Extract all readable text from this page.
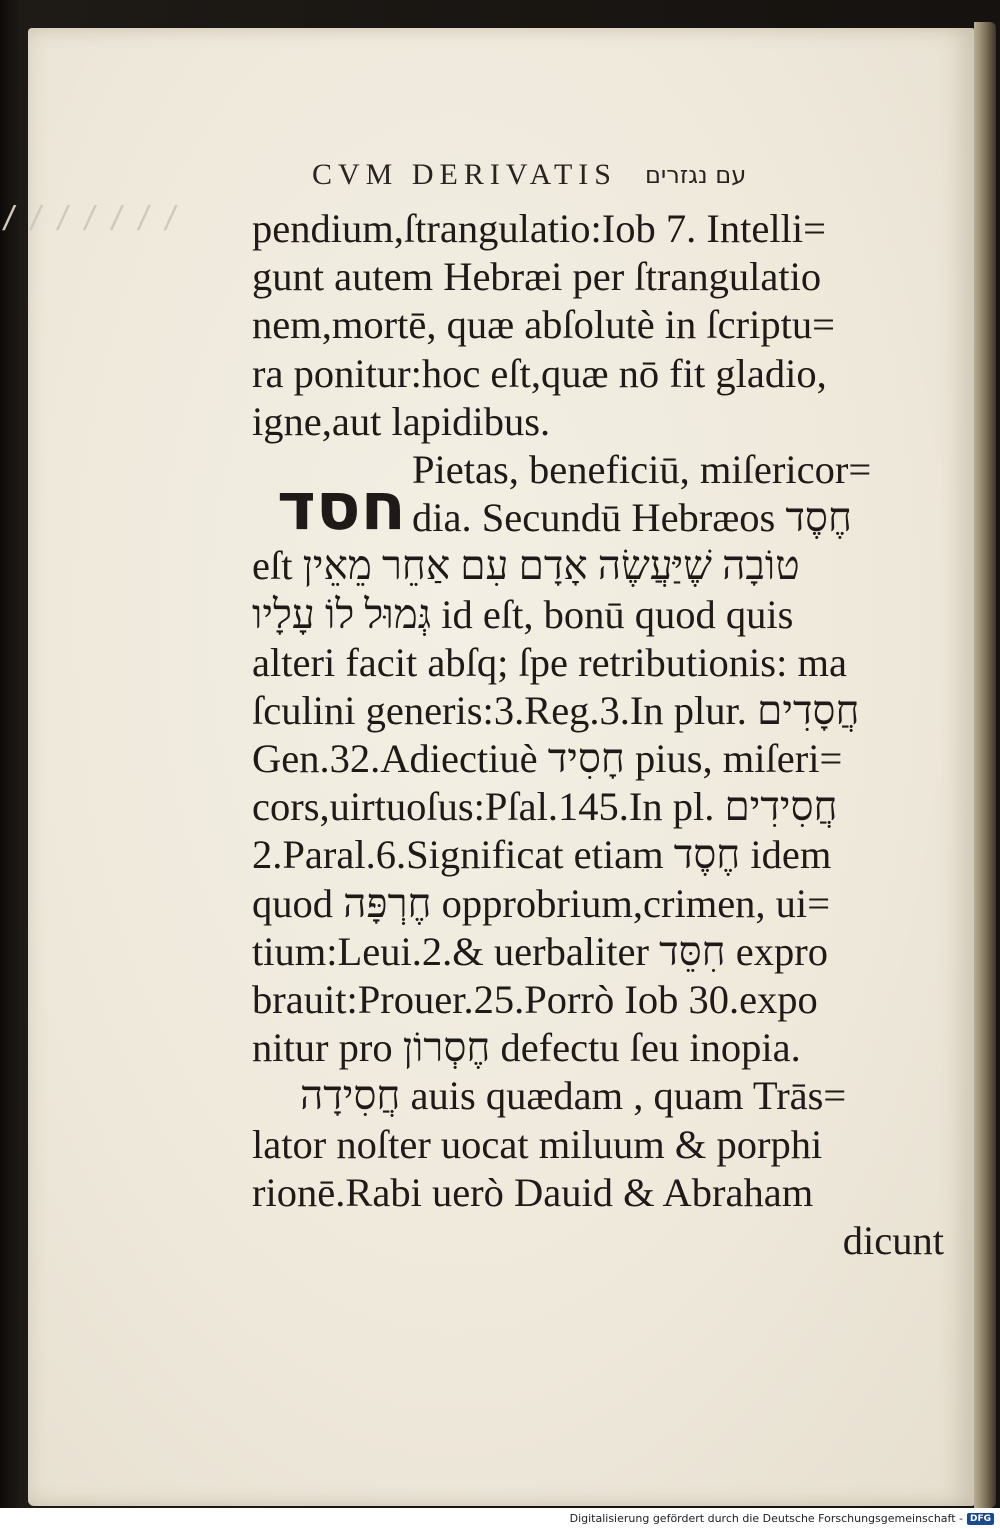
CVM DERIVATIS עם נגזרים
/ / / / / / /
חסד
pendium,ſtrangulatio:Iob 7. Intelli=
gunt autem Hebræi per ſtrangulatio
nem,mortē, quæ abſolutè in ſcriptu=
ra ponitur:hoc eſt,quæ nō fit gladio,
igne,aut lapidibus.
Pietas, beneficiū, miſericor=
dia. Secundū Hebræos חֶסֶד
eſt טוֹבָה שֶׁיַּעֲשֶׂה אָדָם עִם אַחֵר מֵאֵין
גְּמוּל לוֹ עָלָיו id eſt, bonū quod quis
alteri facit abſq; ſpe retributionis: ma
ſculini generis:3.Reg.3.In plur. חֲסָדִים
Gen.32.Adiectiuè חָסִיד pius, miſeri=
cors,uirtuoſus:Pſal.145.In pl. חֲסִידִים
2.Paral.6.Significat etiam חֶסֶד idem
quod חֶרְפָּה opprobrium,crimen, ui=
tium:Leui.2.& uerbaliter חִסֵּד expro
brauit:Prouer.25.Porrò Iob 30.expo
nitur pro חֶסְרוֹן defectu ſeu inopia.
חֲסִידָה auis quædam , quam Trās=
lator noſter uocat miluum & porphi
rionē.Rabi uerò Dauid & Abraham
dicunt
Digitalisierung gefördert durch die Deutsche Forschungsgemeinschaft - DFG
